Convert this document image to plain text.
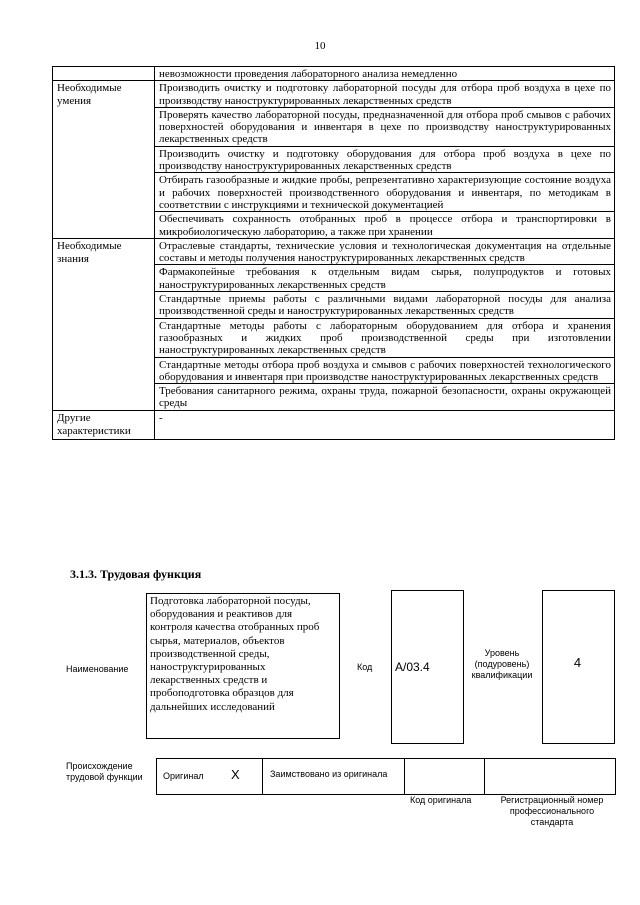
10
	невозможности проведения лабораторного анализа немедленно
Необходимые умения	Производить очистку и подготовку лабораторной посуды для отбора проб воздуха в цехе по производству наноструктурированных лекарственных средств
	Проверять качество лабораторной посуды, предназначенной для отбора проб смывов с рабочих поверхностей оборудования и инвентаря в цехе по производству наноструктурированных лекарственных средств
	Производить очистку и подготовку оборудования для отбора проб воздуха в цехе по производству наноструктурированных лекарственных средств
	Отбирать газообразные и жидкие пробы, репрезентативно характеризующие состояние воздуха и рабочих поверхностей производственного оборудования и инвентаря, по методикам в соответствии с инструкциями и технической документацией
	Обеспечивать сохранность отобранных проб в процессе отбора и транспортировки в микробиологическую лабораторию, а также при хранении
Необходимые знания	Отраслевые стандарты, технические условия и технологическая документация на отдельные составы и методы получения наноструктурированных лекарственных средств
	Фармакопейные требования к отдельным видам сырья, полупродуктов и готовых наноструктурированных лекарственных средств
	Стандартные приемы работы с различными видами лабораторной посуды для анализа производственной среды и наноструктурированных лекарственных средств
	Стандартные методы работы с лабораторным оборудованием для отбора и хранения газообразных и жидких проб производственной среды при изготовлении наноструктурированных лекарственных средств
	Стандартные методы отбора проб воздуха и смывов с рабочих поверхностей технологического оборудования и инвентаря при производстве наноструктурированных лекарственных средств
	Требования санитарного режима, охраны труда, пожарной безопасности, охраны окружающей среды
Другие характеристики	-
3.1.3. Трудовая функция
Наименование
Подготовка лабораторной посуды, оборудования и реактивов для контроля качества отобранных проб сырья, материалов, объектов производственной среды, наноструктурированных лекарственных средств и пробоподготовка образцов для дальнейших исследований
Код А/03.4
Уровень (подуровень) квалификации
4
Происхождение трудовой функции	Оригинал X	Заимствовано из оригинала
Код оригинала	Регистрационный номер профессионального стандарта
